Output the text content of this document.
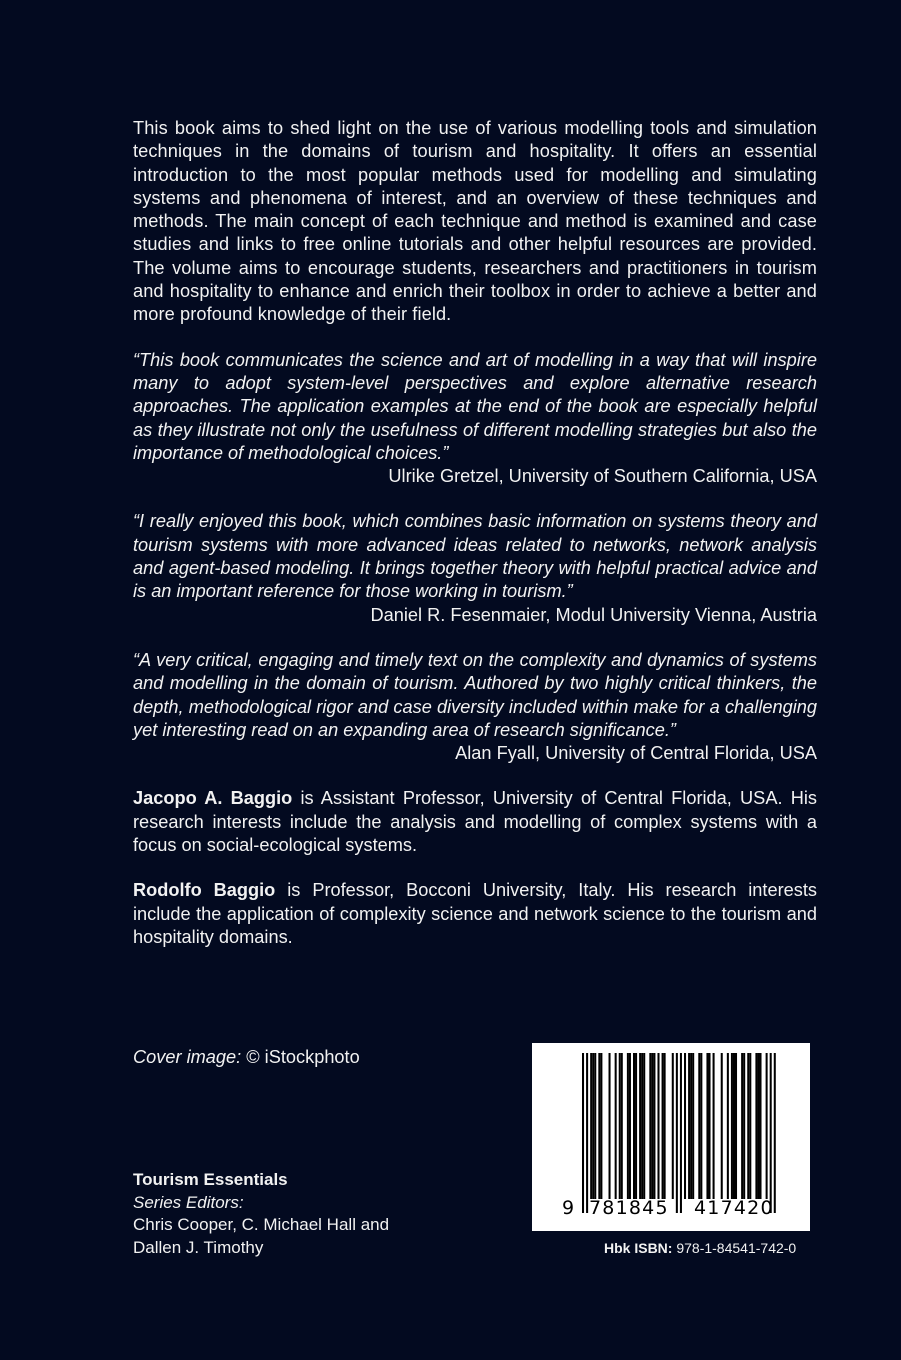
This book aims to shed light on the use of various modelling tools and simulation techniques in the domains of tourism and hospitality. It offers an essential introduction to the most popular methods used for modelling and simulating systems and phenomena of interest, and an overview of these techniques and methods. The main concept of each technique and method is examined and case studies and links to free online tutorials and other helpful resources are provided. The volume aims to encourage students, researchers and practitioners in tourism and hospitality to enhance and enrich their toolbox in order to achieve a better and more profound knowledge of their field.

“This book communicates the science and art of modelling in a way that will inspire many to adopt system-level perspectives and explore alternative research approaches. The application examples at the end of the book are especially helpful as they illustrate not only the usefulness of different modelling strategies but also the importance of methodological choices.”

Ulrike Gretzel, University of Southern California, USA

“I really enjoyed this book, which combines basic information on systems theory and tourism systems with more advanced ideas related to networks, network analysis and agent-based modeling. It brings together theory with helpful practical advice and is an important reference for those working in tourism.”

Daniel R. Fesenmaier, Modul University Vienna, Austria

“A very critical, engaging and timely text on the complexity and dynamics of systems and modelling in the domain of tourism. Authored by two highly critical thinkers, the depth, methodological rigor and case diversity included within make for a challenging yet interesting read on an expanding area of research significance.”

Alan Fyall, University of Central Florida, USA

Jacopo A. Baggio is Assistant Professor, University of Central Florida, USA. His research interests include the analysis and modelling of complex systems with a focus on social-ecological systems.

Rodolfo Baggio is Professor, Bocconi University, Italy. His research interests include the application of complexity science and network science to the tourism and hospitality domains.

Cover image: © iStockphoto
Tourism Essentials
Series Editors:
Chris Cooper, C. Michael Hall and
Dallen J. Timothy
9 781845 417420
Hbk ISBN: 978-1-84541-742-0
